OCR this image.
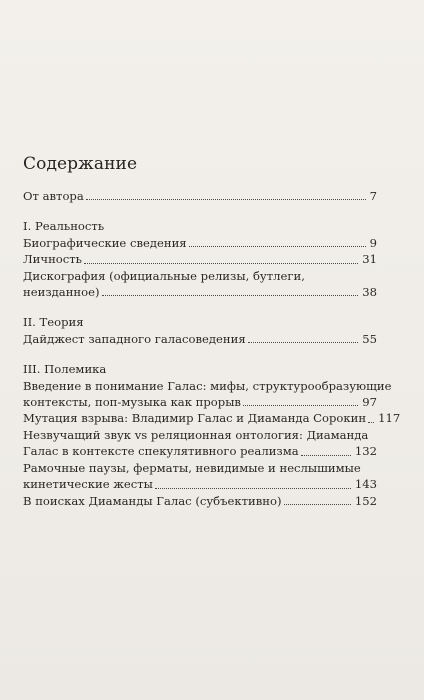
Содержание
От автора	7
I. Реальность
Биографические сведения	9
Личность	31
Дискография (официальные релизы, бутлеги,
неизданное)	38
II. Теория
Дайджест западного галасоведения	55
III. Полемика
Введение в понимание Галас: мифы, структурообразующие
контексты, поп-музыка как прорыв	97
Мутация взрыва: Владимир Галас и Диаманда Сорокин 117
Незвучащий звук vs реляционная онтология: Диаманда
Галас в контексте спекулятивного реализма	132
Рамочные паузы, ферматы, невидимые и неслышимые
кинетические жесты	143
В поисках Диаманды Галас (субъективно)	152
